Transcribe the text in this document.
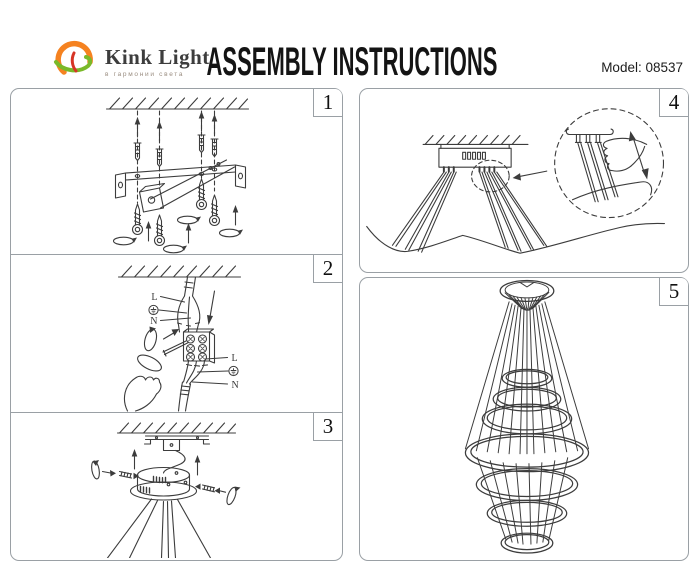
Kink Light
в гармонии света ASSEMBLY INSTRUCTIONS	Model: 08537
1
L
N
L
N
2
3
4
5
